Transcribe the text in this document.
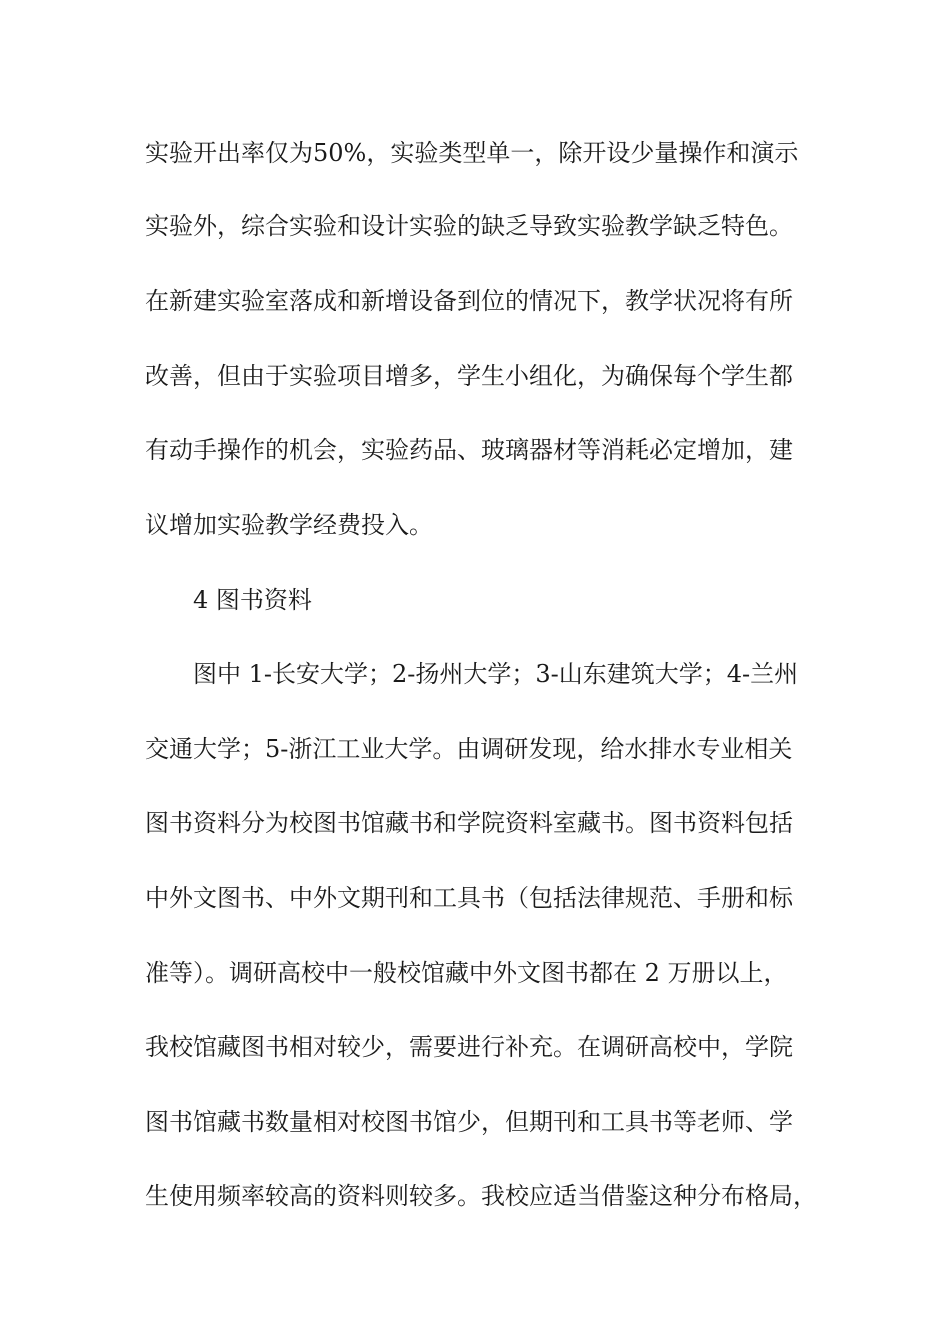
实验开出率仅为50%，实验类型单一，除开设少量操作和演示
实验外，综合实验和设计实验的缺乏导致实验教学缺乏特色。
在新建实验室落成和新增设备到位的情况下，教学状况将有所
改善，但由于实验项目增多，学生小组化，为确保每个学生都
有动手操作的机会，实验药品、玻璃器材等消耗必定增加，建
议增加实验教学经费投入。
4 图书资料
图中 1-长安大学；2-扬州大学；3-山东建筑大学；4-兰州
交通大学；5-浙江工业大学。由调研发现，给水排水专业相关
图书资料分为校图书馆藏书和学院资料室藏书。图书资料包括
中外文图书、中外文期刊和工具书（包括法律规范、手册和标
准等）。调研高校中一般校馆藏中外文图书都在 2 万册以上，
我校馆藏图书相对较少，需要进行补充。在调研高校中，学院
图书馆藏书数量相对校图书馆少，但期刊和工具书等老师、学
生使用频率较高的资料则较多。我校应适当借鉴这种分布格局，
